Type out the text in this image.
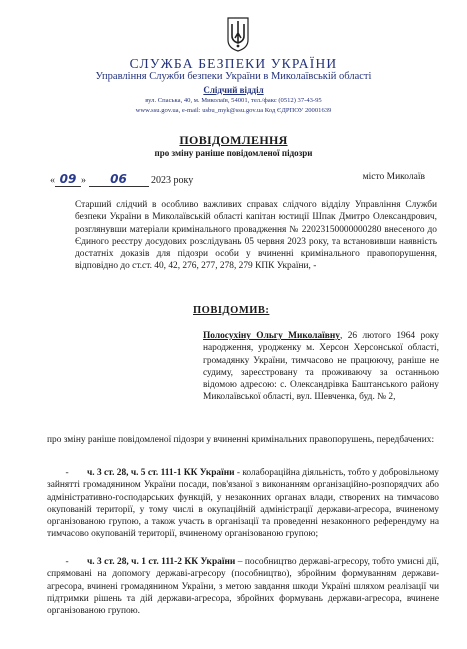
СЛУЖБА БЕЗПЕКИ УКРАЇНИ
Управління Служби безпеки України в Миколаївській області
Слідчий відділ
вул. Спаська, 40, м. Миколаїв, 54001, тел./факс (0512) 37-43-95
www.ssu.gov.ua, e-mail: usbu_myk@ssu.gov.ua Код ЄДРПОУ 20001639
ПОВІДОМЛЕННЯ
про зміну раніше повідомленої підозри
« 09 » 06 2023 року	місто Миколаїв
Старший слідчий в особливо важливих справах слідчого відділу Управління Служби безпеки України в Миколаївській області капітан юстиції Шпак Дмитро Олександрович, розглянувши матеріали кримінального провадження № 22023150000000280 внесеного до Єдиного реєстру досудових розслідувань 05 червня 2023 року, та встановивши наявність достатніх доказів для підозри особи у вчиненні кримінального правопорушення, відповідно до ст.ст. 40, 42, 276, 277, 278, 279 КПК України, -
ПОВІДОМИВ:
Полосухіну Ольгу Миколаївну, 26 лютого 1964 року народження, уродженку м. Херсон Херсонської області, громадянку України, тимчасово не працюючу, раніше не судиму, зареєстровану та проживаючу за останньою відомою адресою: с. Олександрівка Баштанського району Миколаївської області, вул. Шевченка, буд. № 2,
про зміну раніше повідомленої підозри у вчиненні кримінальних правопорушень, передбачених:
- ч. 3 ст. 28, ч. 5 ст. 111-1 КК України - колабораційна діяльність, тобто у добровільному зайнятті громадянином України посади, пов'язаної з виконанням організаційно-розпорядчих або адміністративно-господарських функцій, у незаконних органах влади, створених на тимчасово окупованій території, у тому числі в окупаційній адміністрації держави-агресора, вчиненому організованою групою, а також участь в організації та проведенні незаконного референдуму на тимчасово окупованій території, вчиненому організованою групою;
- ч. 3 ст. 28, ч. 1 ст. 111-2 КК України – пособництво державі-агресору, тобто умисні дії, спрямовані на допомогу державі-агресору (пособництво), збройним формуванням держави-агресора, вчинені громадянином України, з метою завдання шкоди Україні шляхом реалізації чи підтримки рішень та дій держави-агресора, збройних формувань держави-агресора, вчинене організованою групою.
